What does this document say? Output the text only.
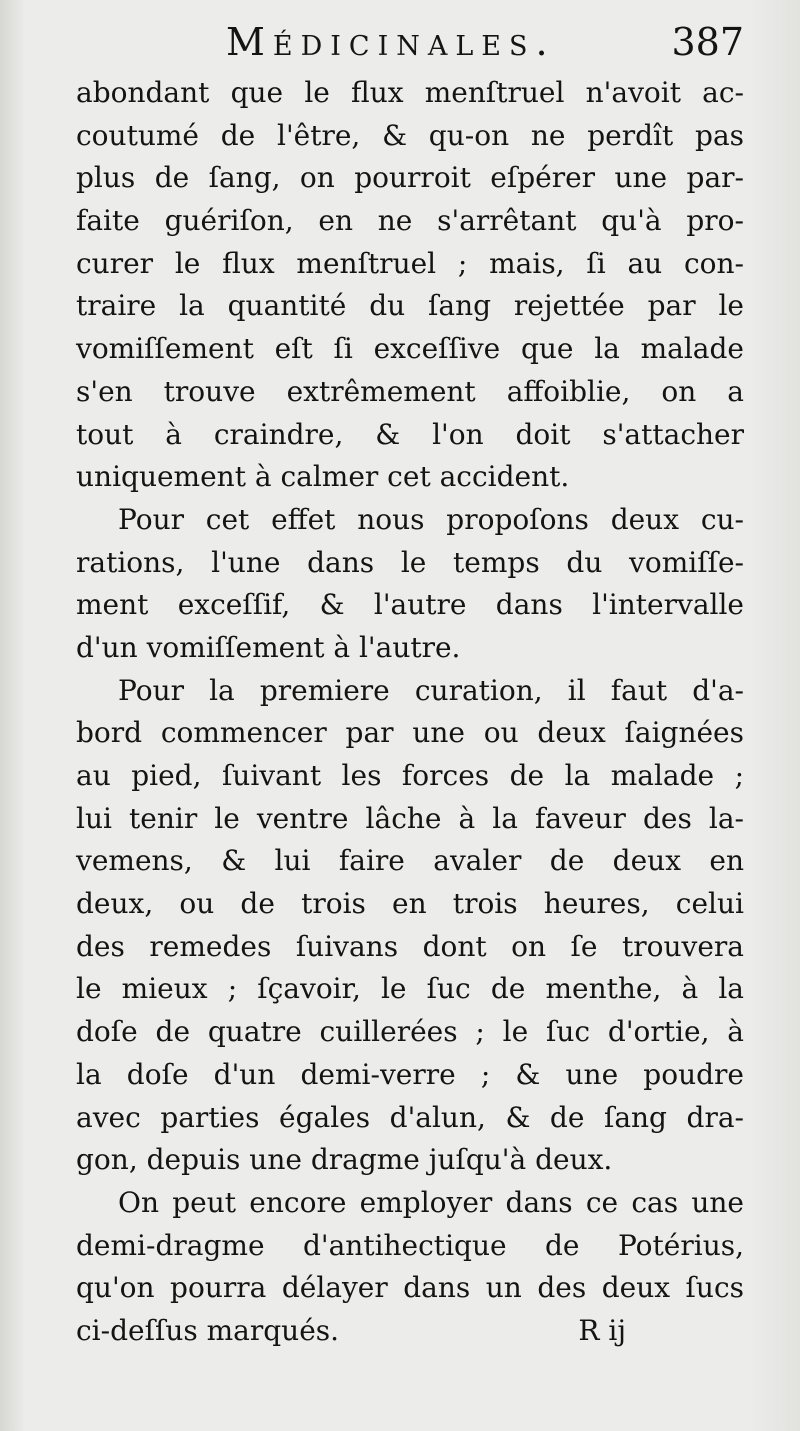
Médicinales.	387
abondant que le flux menſtruel n'avoit ac-
coutumé de l'être, & qu-on ne perdît pas
plus de ſang, on pourroit eſpérer une par-
faite guériſon, en ne s'arrêtant qu'à pro-
curer le flux menſtruel ; mais, ſi au con-
traire la quantité du ſang rejettée par le
vomiſſement eſt ſi exceſſive que la malade
s'en trouve extrêmement affoiblie, on a
tout à craindre, & l'on doit s'attacher
uniquement à calmer cet accident.
Pour cet effet nous propoſons deux cu-
rations, l'une dans le temps du vomiſſe-
ment exceſſif, & l'autre dans l'intervalle
d'un vomiſſement à l'autre.
Pour la premiere curation, il faut d'a-
bord commencer par une ou deux ſaignées
au pied, ſuivant les forces de la malade ;
lui tenir le ventre lâche à la faveur des la-
vemens, & lui faire avaler de deux en
deux, ou de trois en trois heures, celui
des remedes ſuivans dont on ſe trouvera
le mieux ; ſçavoir, le ſuc de menthe, à la
doſe de quatre cuillerées ; le ſuc d'ortie, à
la doſe d'un demi-verre ; & une poudre
avec parties égales d'alun, & de ſang dra-
gon, depuis une dragme juſqu'à deux.
On peut encore employer dans ce cas une
demi-dragme d'antihectique de Potérius,
qu'on pourra délayer dans un des deux ſucs
ci-deſſus marqués.	R ij
